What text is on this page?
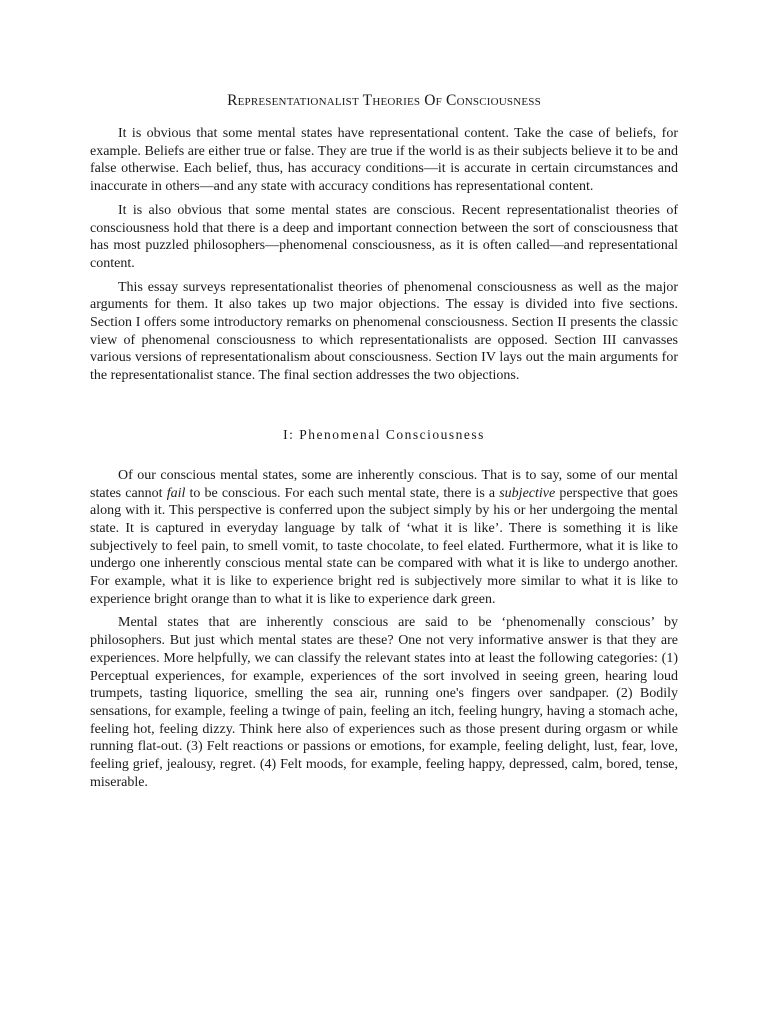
Representationalist Theories Of Consciousness

It is obvious that some mental states have representational content. Take the case of beliefs, for example. Beliefs are either true or false. They are true if the world is as their subjects believe it to be and false otherwise. Each belief, thus, has accuracy conditions—it is accurate in certain circumstances and inaccurate in others—and any state with accuracy conditions has representational content.

It is also obvious that some mental states are conscious. Recent representationalist theories of consciousness hold that there is a deep and important connection between the sort of consciousness that has most puzzled philosophers—phenomenal consciousness, as it is often called—and representational content.

This essay surveys representationalist theories of phenomenal consciousness as well as the major arguments for them. It also takes up two major objections. The essay is divided into five sections. Section I offers some introductory remarks on phenomenal consciousness. Section II presents the classic view of phenomenal consciousness to which representationalists are opposed. Section III canvasses various versions of representationalism about consciousness. Section IV lays out the main arguments for the representationalist stance. The final section addresses the two objections.

I: Phenomenal Consciousness

Of our conscious mental states, some are inherently conscious. That is to say, some of our mental states cannot fail to be conscious. For each such mental state, there is a subjective perspective that goes along with it. This perspective is conferred upon the subject simply by his or her undergoing the mental state. It is captured in everyday language by talk of ‘what it is like’. There is something it is like subjectively to feel pain, to smell vomit, to taste chocolate, to feel elated. Furthermore, what it is like to undergo one inherently conscious mental state can be compared with what it is like to undergo another. For example, what it is like to experience bright red is subjectively more similar to what it is like to experience bright orange than to what it is like to experience dark green.

Mental states that are inherently conscious are said to be ‘phenomenally conscious’ by philosophers. But just which mental states are these? One not very informative answer is that they are experiences. More helpfully, we can classify the relevant states into at least the following categories: (1) Perceptual experiences, for example, experiences of the sort involved in seeing green, hearing loud trumpets, tasting liquorice, smelling the sea air, running one's fingers over sandpaper. (2) Bodily sensations, for example, feeling a twinge of pain, feeling an itch, feeling hungry, having a stomach ache, feeling hot, feeling dizzy. Think here also of experiences such as those present during orgasm or while running flat-out. (3) Felt reactions or passions or emotions, for example, feeling delight, lust, fear, love, feeling grief, jealousy, regret. (4) Felt moods, for example, feeling happy, depressed, calm, bored, tense, miserable.
